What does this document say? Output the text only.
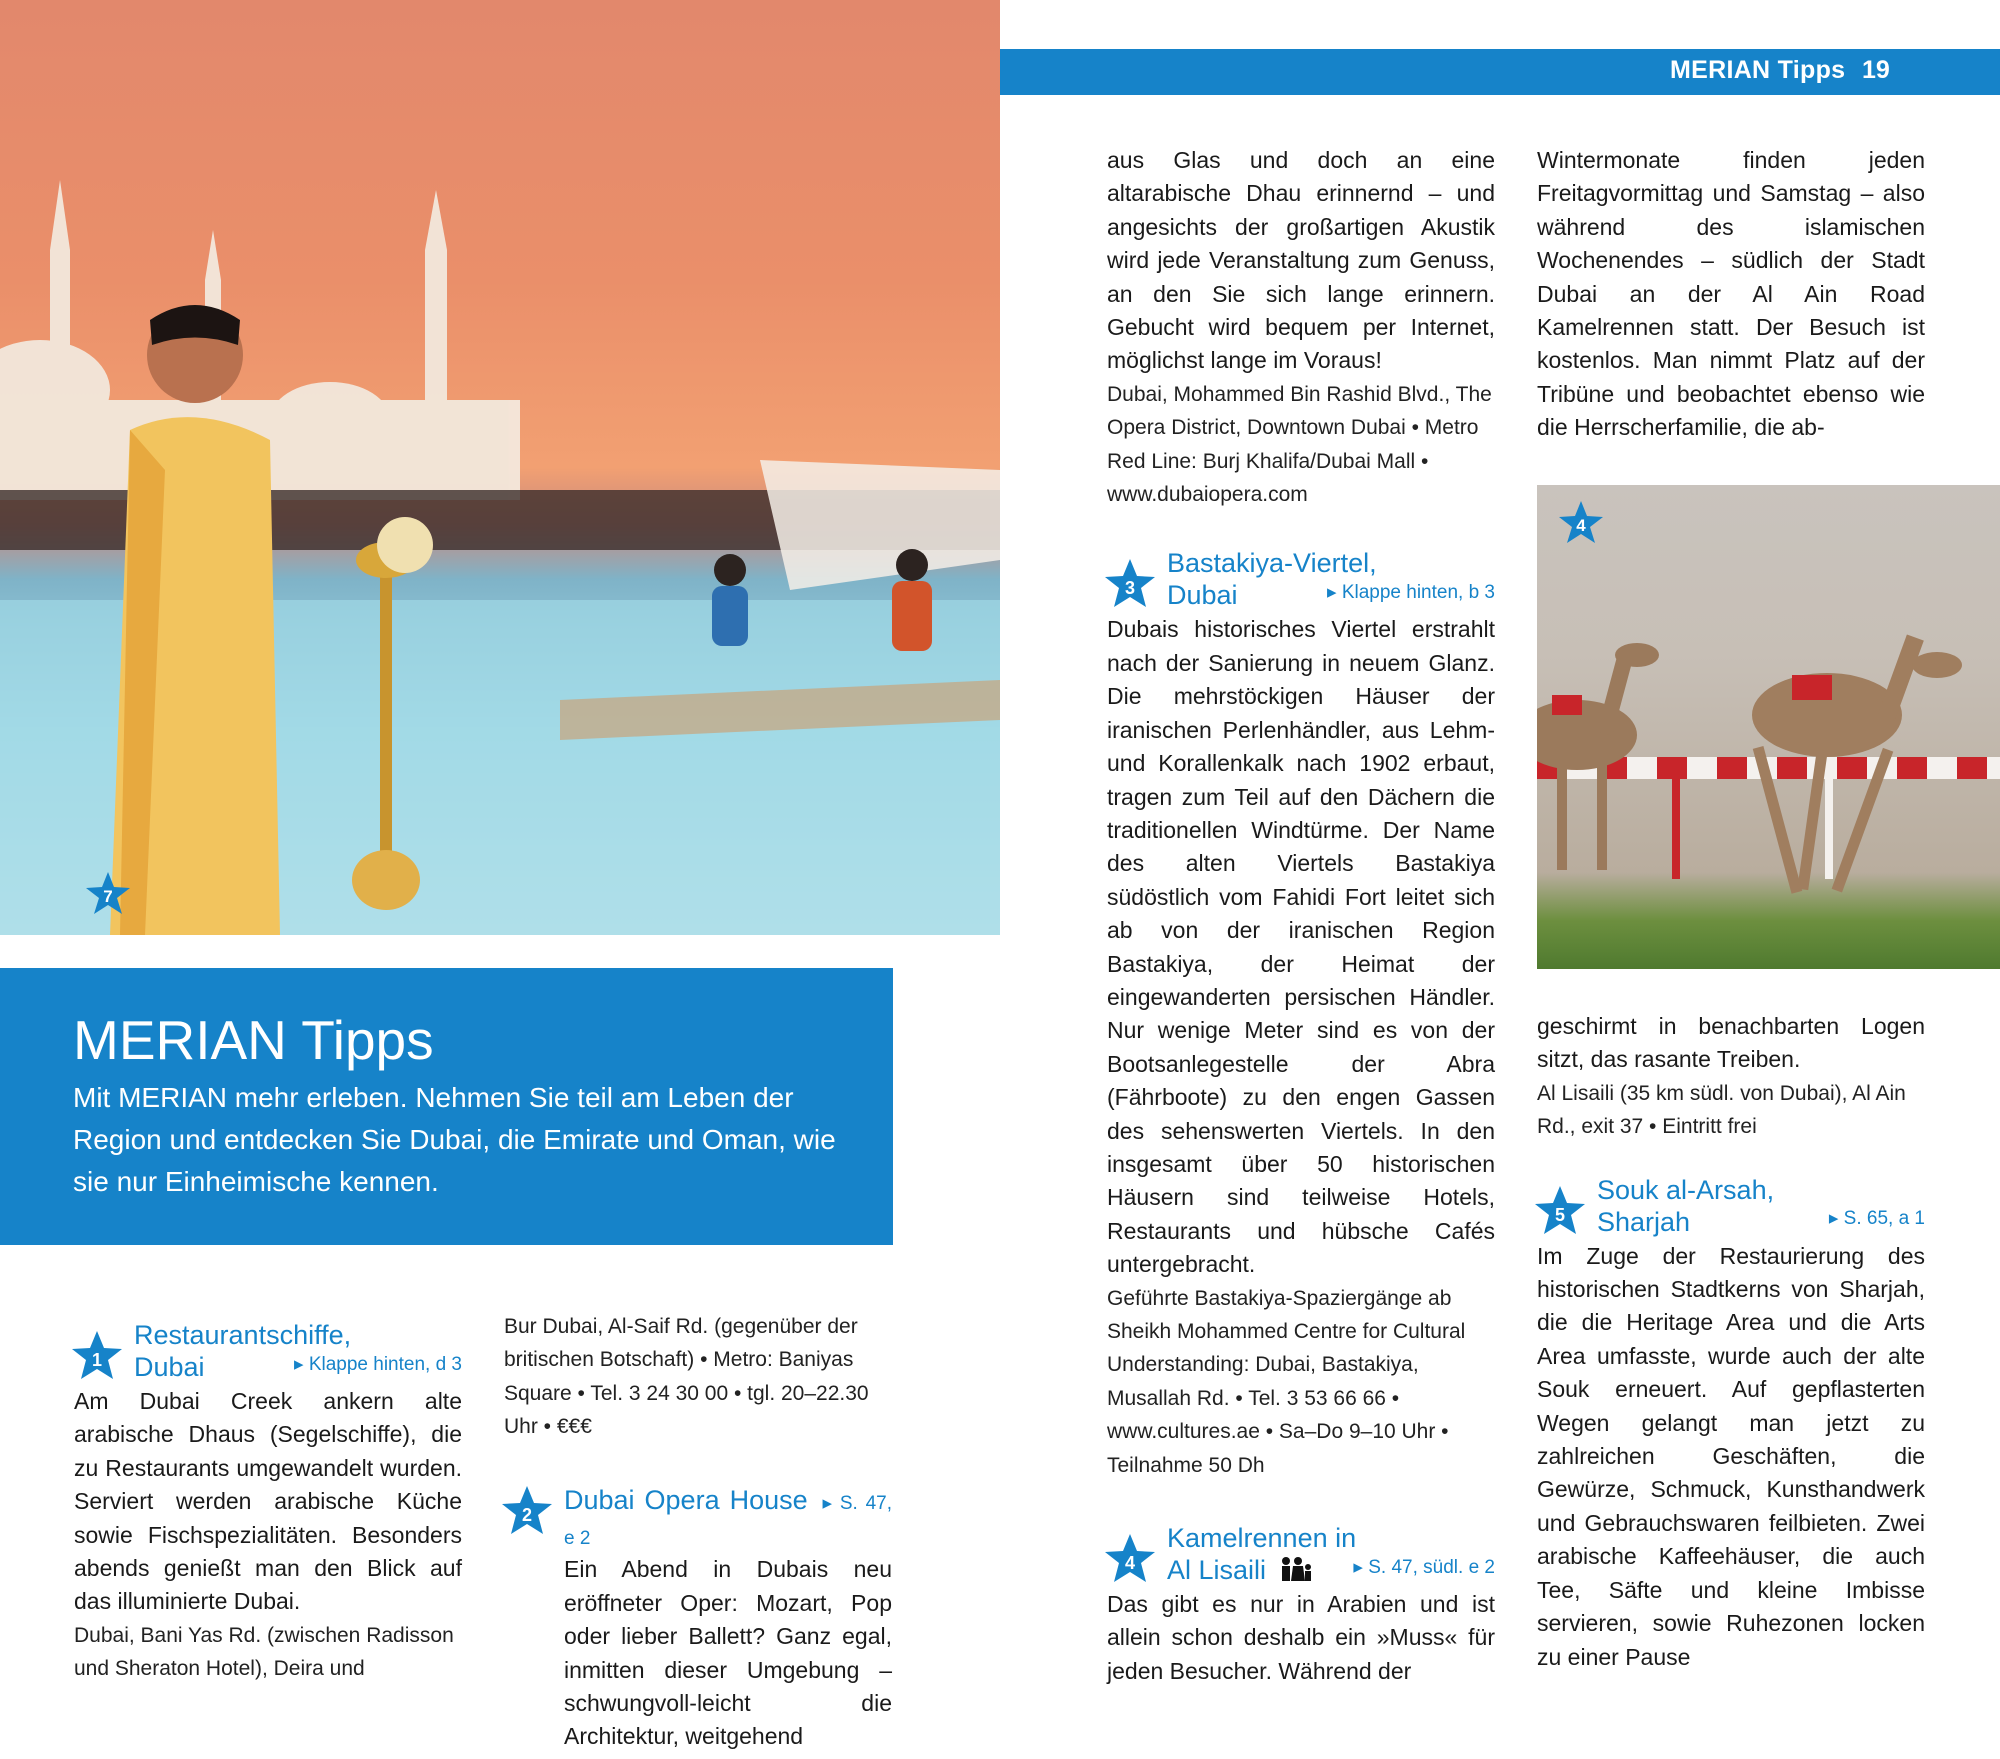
7
MERIAN Tipps 19
MERIAN Tipps
Mit MERIAN mehr erleben. Nehmen Sie teil am Leben der Region und entdecken Sie Dubai, die Emirate und Oman, wie sie nur Einheimische kennen.
1
Restaurantschiffe,
Dubai	▸ Klappe hinten, d 3

Am Dubai Creek ankern alte arabische Dhaus (Segelschiffe), die zu Restaurants umgewandelt wurden. Serviert werden arabische Küche sowie Fischspezialitäten. Besonders abends genießt man den Blick auf das illuminierte Dubai.

Dubai, Bani Yas Rd. (zwischen Radisson und Sheraton Hotel), Deira und

Bur Dubai, Al-Saif Rd. (gegenüber der britischen Botschaft) • Metro: Baniyas Square • Tel. 3 24 30 00 • tgl. 20–22.30 Uhr • €€€

2 Dubai Opera House ▸ S. 47, e 2

Ein Abend in Dubais neu eröffneter Oper: Mozart, Pop oder lieber Ballett? Ganz egal, inmitten dieser Umgebung – schwungvoll-leicht die Architektur, weitgehend

aus Glas und doch an eine altarabische Dhau erinnernd – und angesichts der großartigen Akustik wird jede Veranstaltung zum Genuss, an den Sie sich lange erinnern. Gebucht wird bequem per Internet, möglichst lange im Voraus!

Dubai, Mohammed Bin Rashid Blvd., The Opera District, Downtown Dubai • Metro Red Line: Burj Khalifa/Dubai Mall • www.dubaiopera.com

3
Bastakiya-Viertel,
Dubai	▸ Klappe hinten, b 3

Dubais historisches Viertel erstrahlt nach der Sanierung in neuem Glanz. Die mehrstöckigen Häuser der iranischen Perlenhändler, aus Lehm- und Korallenkalk nach 1902 erbaut, tragen zum Teil auf den Dächern die traditionellen Windtürme. Der Name des alten Viertels Bastakiya südöstlich vom Fahidi Fort leitet sich ab von der iranischen Region Bastakiya, der Heimat der eingewanderten persischen Händler. Nur wenige Meter sind es von der Bootsanlegestelle der Abra (Fährboote) zu den engen Gassen des sehenswerten Viertels. In den insgesamt über 50 historischen Häusern sind teilweise Hotels, Restaurants und hübsche Cafés untergebracht.

Geführte Bastakiya-Spaziergänge ab Sheikh Mohammed Centre for Cultural Understanding: Dubai, Bastakiya, Musallah Rd. • Tel. 3 53 66 66 • www.cultures.ae • Sa–Do 9–10 Uhr • Teilnahme 50 Dh

4
Kamelrennen in
Al Lisaili	▸ S. 47, südl. e 2

Das gibt es nur in Arabien und ist allein schon deshalb ein »Muss« für jeden Besucher. Während der

Wintermonate finden jeden Freitagvormittag und Samstag – also während des islamischen Wochenendes – südlich der Stadt Dubai an der Al Ain Road Kamelrennen statt. Der Besuch ist kostenlos. Man nimmt Platz auf der Tribüne und beobachtet ebenso wie die Herrscherfamilie, die ab-

4

geschirmt in benachbarten Logen sitzt, das rasante Treiben.

Al Lisaili (35 km südl. von Dubai), Al Ain Rd., exit 37 • Eintritt frei

5
Souk al-Arsah,
Sharjah	▸ S. 65, a 1

Im Zuge der Restaurierung des historischen Stadtkerns von Sharjah, die die Heritage Area und die Arts Area umfasste, wurde auch der alte Souk erneuert. Auf gepflasterten Wegen gelangt man jetzt zu zahlreichen Geschäften, die Gewürze, Schmuck, Kunsthandwerk und Gebrauchswaren feilbieten. Zwei arabische Kaffeehäuser, die auch Tee, Säfte und kleine Imbisse servieren, sowie Ruhezonen locken zu einer Pause
